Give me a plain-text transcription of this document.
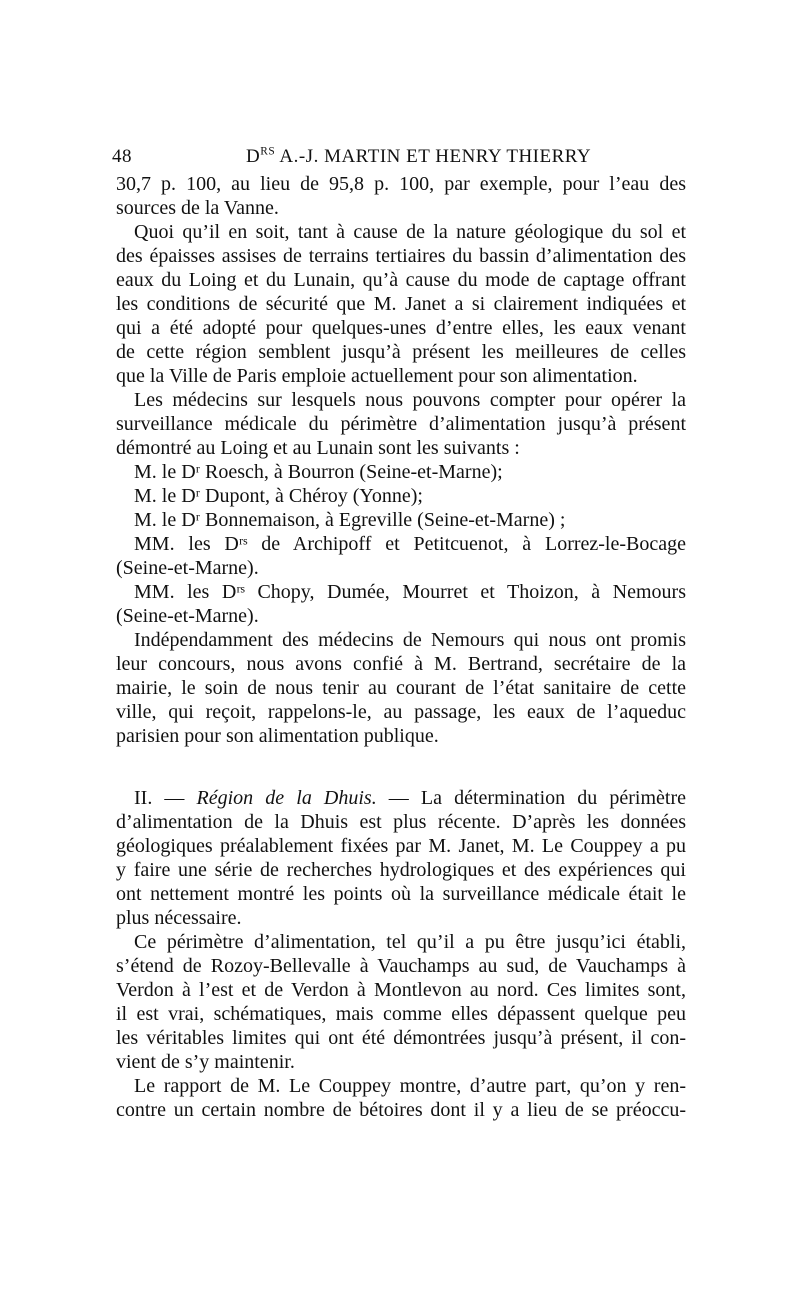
48	$D^{RS}$ A.-J. MARTIN ET HENRY THIERRY
30,7 p. 100, au lieu de 95,8 p. 100, par exemple, pour l’eau des
sources de la Vanne.
Quoi qu’il en soit, tant à cause de la nature géologique du sol et
des épaisses assises de terrains tertiaires du bassin d’alimentation des
eaux du Loing et du Lunain, qu’à cause du mode de captage offrant
les conditions de sécurité que M. Janet a si clairement indiquées et
qui a été adopté pour quelques-unes d’entre elles, les eaux venant
de cette région semblent jusqu’à présent les meilleures de celles
que la Ville de Paris emploie actuellement pour son alimentation.
Les médecins sur lesquels nous pouvons compter pour opérer la
surveillance médicale du périmètre d’alimentation jusqu’à présent
démontré au Loing et au Lunain sont les suivants :
M. le Dʳ Roesch, à Bourron (Seine-et-Marne);
M. le Dʳ Dupont, à Chéroy (Yonne);
M. le Dʳ Bonnemaison, à Egreville (Seine-et-Marne) ;
MM. les Dʳˢ de Archipoff et Petitcuenot, à Lorrez-le-Bocage
(Seine-et-Marne).
MM. les Dʳˢ Chopy, Dumée, Mourret et Thoizon, à Nemours
(Seine-et-Marne).
Indépendamment des médecins de Nemours qui nous ont promis
leur concours, nous avons confié à M. Bertrand, secrétaire de la
mairie, le soin de nous tenir au courant de l’état sanitaire de cette
ville, qui reçoit, rappelons-le, au passage, les eaux de l’aqueduc
parisien pour son alimentation publique.
II. — Région de la Dhuis. — La détermination du périmètre
d’alimentation de la Dhuis est plus récente. D’après les données
géologiques préalablement fixées par M. Janet, M. Le Couppey a pu
y faire une série de recherches hydrologiques et des expériences qui
ont nettement montré les points où la surveillance médicale était le
plus nécessaire.
Ce périmètre d’alimentation, tel qu’il a pu être jusqu’ici établi,
s’étend de Rozoy-Bellevalle à Vauchamps au sud, de Vauchamps à
Verdon à l’est et de Verdon à Montlevon au nord. Ces limites sont,
il est vrai, schématiques, mais comme elles dépassent quelque peu
les véritables limites qui ont été démontrées jusqu’à présent, il con-
vient de s’y maintenir.
Le rapport de M. Le Couppey montre, d’autre part, qu’on y ren-
contre un certain nombre de bétoires dont il y a lieu de se préoccu-
